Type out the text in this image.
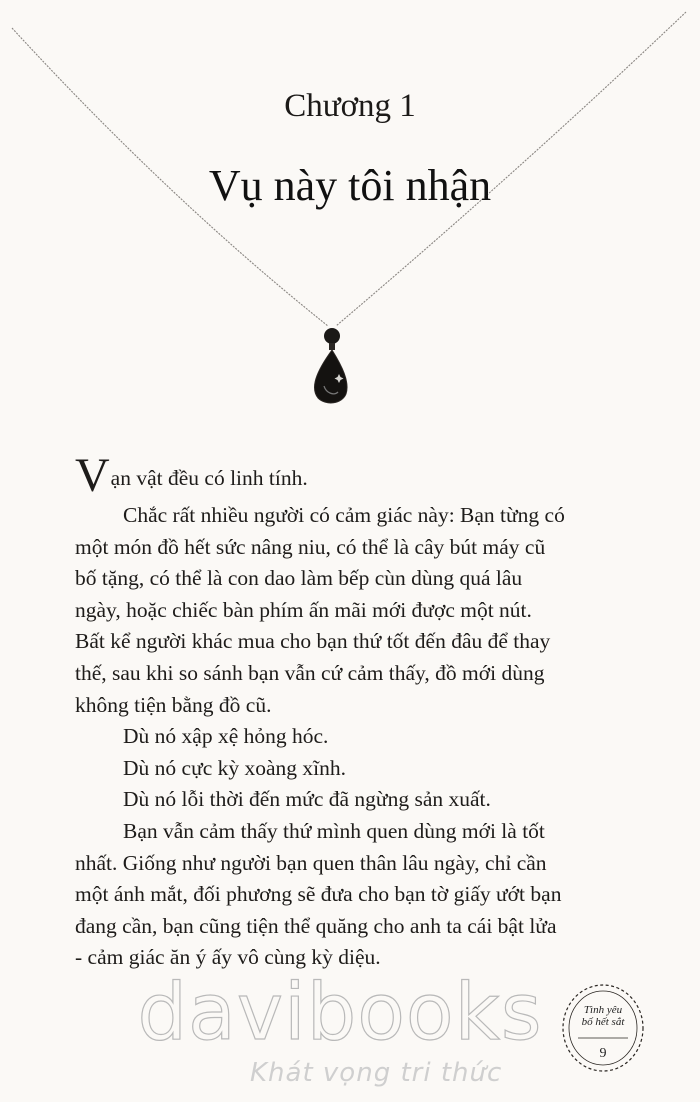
Chương 1
Vụ này tôi nhận

Vạn vật đều có linh tính.

Chắc rất nhiều người có cảm giác này: Bạn từng có
một món đồ hết sức nâng niu, có thể là cây bút máy cũ
bố tặng, có thể là con dao làm bếp cùn dùng quá lâu
ngày, hoặc chiếc bàn phím ấn mãi mới được một nút.
Bất kể người khác mua cho bạn thứ tốt đến đâu để thay
thế, sau khi so sánh bạn vẫn cứ cảm thấy, đồ mới dùng
không tiện bằng đồ cũ.

Dù nó xập xệ hỏng hóc.

Dù nó cực kỳ xoàng xĩnh.

Dù nó lỗi thời đến mức đã ngừng sản xuất.

Bạn vẫn cảm thấy thứ mình quen dùng mới là tốt
nhất. Giống như người bạn quen thân lâu ngày, chỉ cần
một ánh mắt, đối phương sẽ đưa cho bạn tờ giấy ướt bạn
đang cần, bạn cũng tiện thể quăng cho anh ta cái bật lửa
- cảm giác ăn ý ấy vô cùng kỳ diệu.

davibooks
Khát vọng tri thức
Tình yêu
bố hết sắt
9
